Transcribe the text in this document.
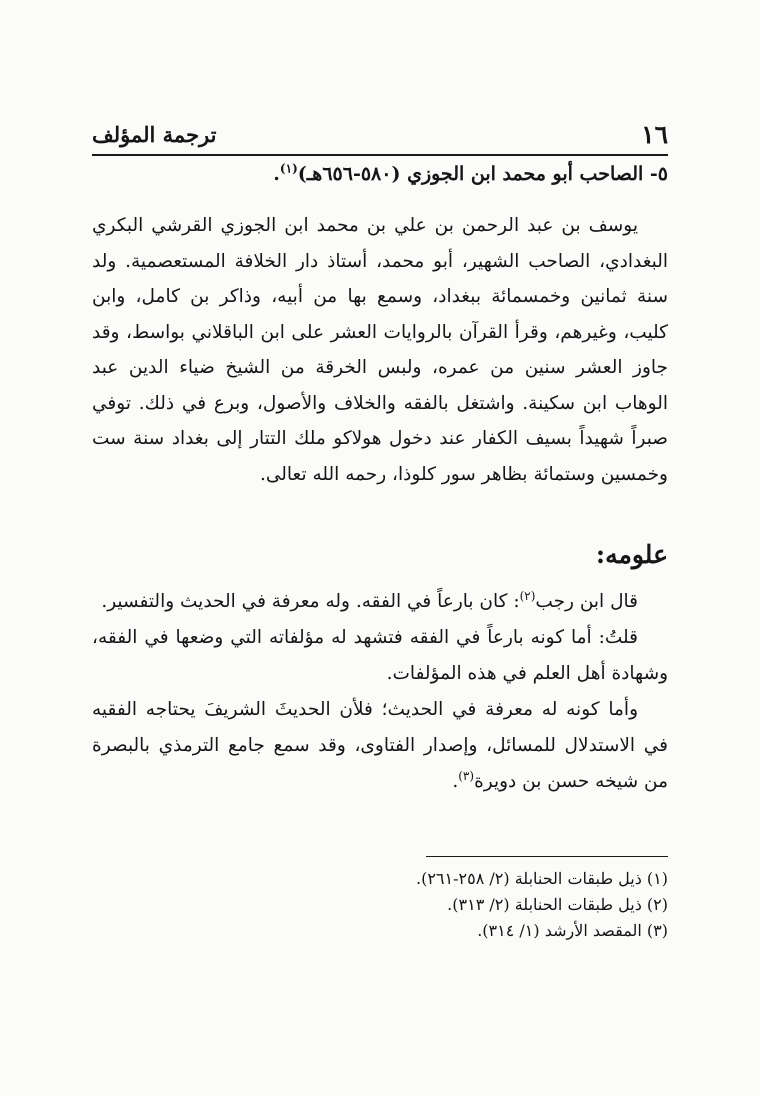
١٦
ترجمة المؤلف
٥- الصاحب أبو محمد ابن الجوزي (٥٨٠-٦٥٦هـ)$^{(١)}$.

يوسف بن عبد الرحمن بن علي بن محمد ابن الجوزي القرشي البكري البغدادي، الصاحب الشهير، أبو محمد، أستاذ دار الخلافة المستعصمية. ولد سنة ثمانين وخمسمائة ببغداد، وسمع بها من أبيه، وذاكر بن كامل، وابن كليب، وغيرهم، وقرأ القرآن بالروايات العشر على ابن الباقلاني بواسط، وقد جاوز العشر سنين من عمره، ولبس الخرقة من الشيخ ضياء الدين عبد الوهاب ابن سكينة. واشتغل بالفقه والخلاف والأصول، وبرع في ذلك. توفي صبراً شهيداً بسيف الكفار عند دخول هولاكو ملك التتار إلى بغداد سنة ست وخمسين وستمائة بظاهر سور كلوذا، رحمه الله تعالى.

علومه:

قال ابن رجب$^{(٢)}$: كان بارعاً في الفقه. وله معرفة في الحديث والتفسير.

قلتُ: أما كونه بارعاً في الفقه فتشهد له مؤلفاته التي وضعها في الفقه، وشهادة أهل العلم في هذه المؤلفات.

وأما كونه له معرفة في الحديث؛ فلأن الحديثَ الشريفَ يحتاجه الفقيه في الاستدلال للمسائل، وإصدار الفتاوى، وقد سمع جامع الترمذي بالبصرة من شيخه حسن بن دويرة$^{(٣)}$.

(١) ذيل طبقات الحنابلة (٢/ ٢٥٨-٢٦١).
(٢) ذيل طبقات الحنابلة (٢/ ٣١٣).
(٣) المقصد الأرشد (١/ ٣١٤).
